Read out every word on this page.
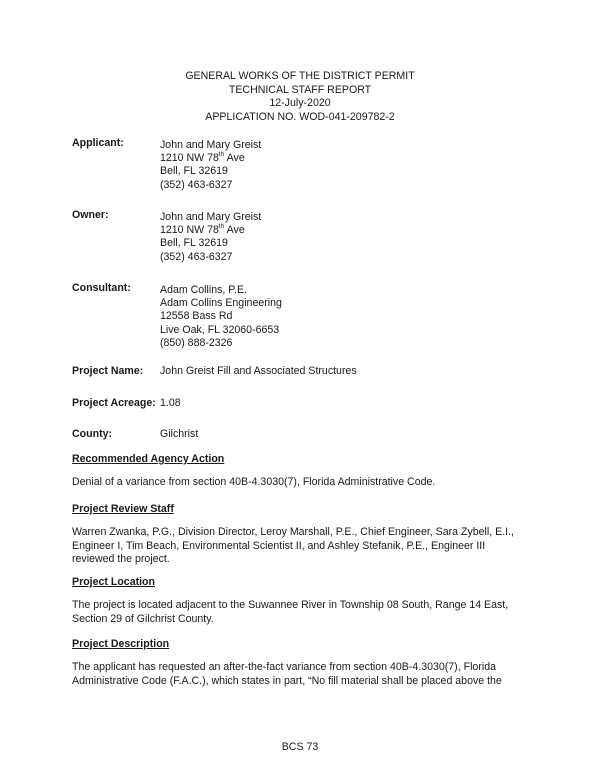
GENERAL WORKS OF THE DISTRICT PERMIT
TECHNICAL STAFF REPORT
12-July-2020
APPLICATION NO. WOD-041-209782-2
Applicant:	John and Mary Greist
1210 NW 78th Ave
Bell, FL 32619
(352) 463-6327
Owner:	John and Mary Greist
1210 NW 78th Ave
Bell, FL 32619
(352) 463-6327
Consultant:	Adam Collins, P.E.
Adam Collins Engineering
12558 Bass Rd
Live Oak, FL 32060-6653
(850) 888-2326
Project Name: John Greist Fill and Associated Structures
Project Acreage: 1.08
County:	Gilchrist
Recommended Agency Action

Denial of a variance from section 40B-4.3030(7), Florida Administrative Code.

Project Review Staff

Warren Zwanka, P.G., Division Director, Leroy Marshall, P.E., Chief Engineer, Sara Zybell, E.I.,

Engineer I, Tim Beach, Environmental Scientist II, and Ashley Stefanik, P.E., Engineer III

reviewed the project.

Project Location

The project is located adjacent to the Suwannee River in Township 08 South, Range 14 East,

Section 29 of Gilchrist County.

Project Description

The applicant has requested an after-the-fact variance from section 40B-4.3030(7), Florida

Administrative Code (F.A.C.), which states in part, “No fill material shall be placed above the

BCS 73
